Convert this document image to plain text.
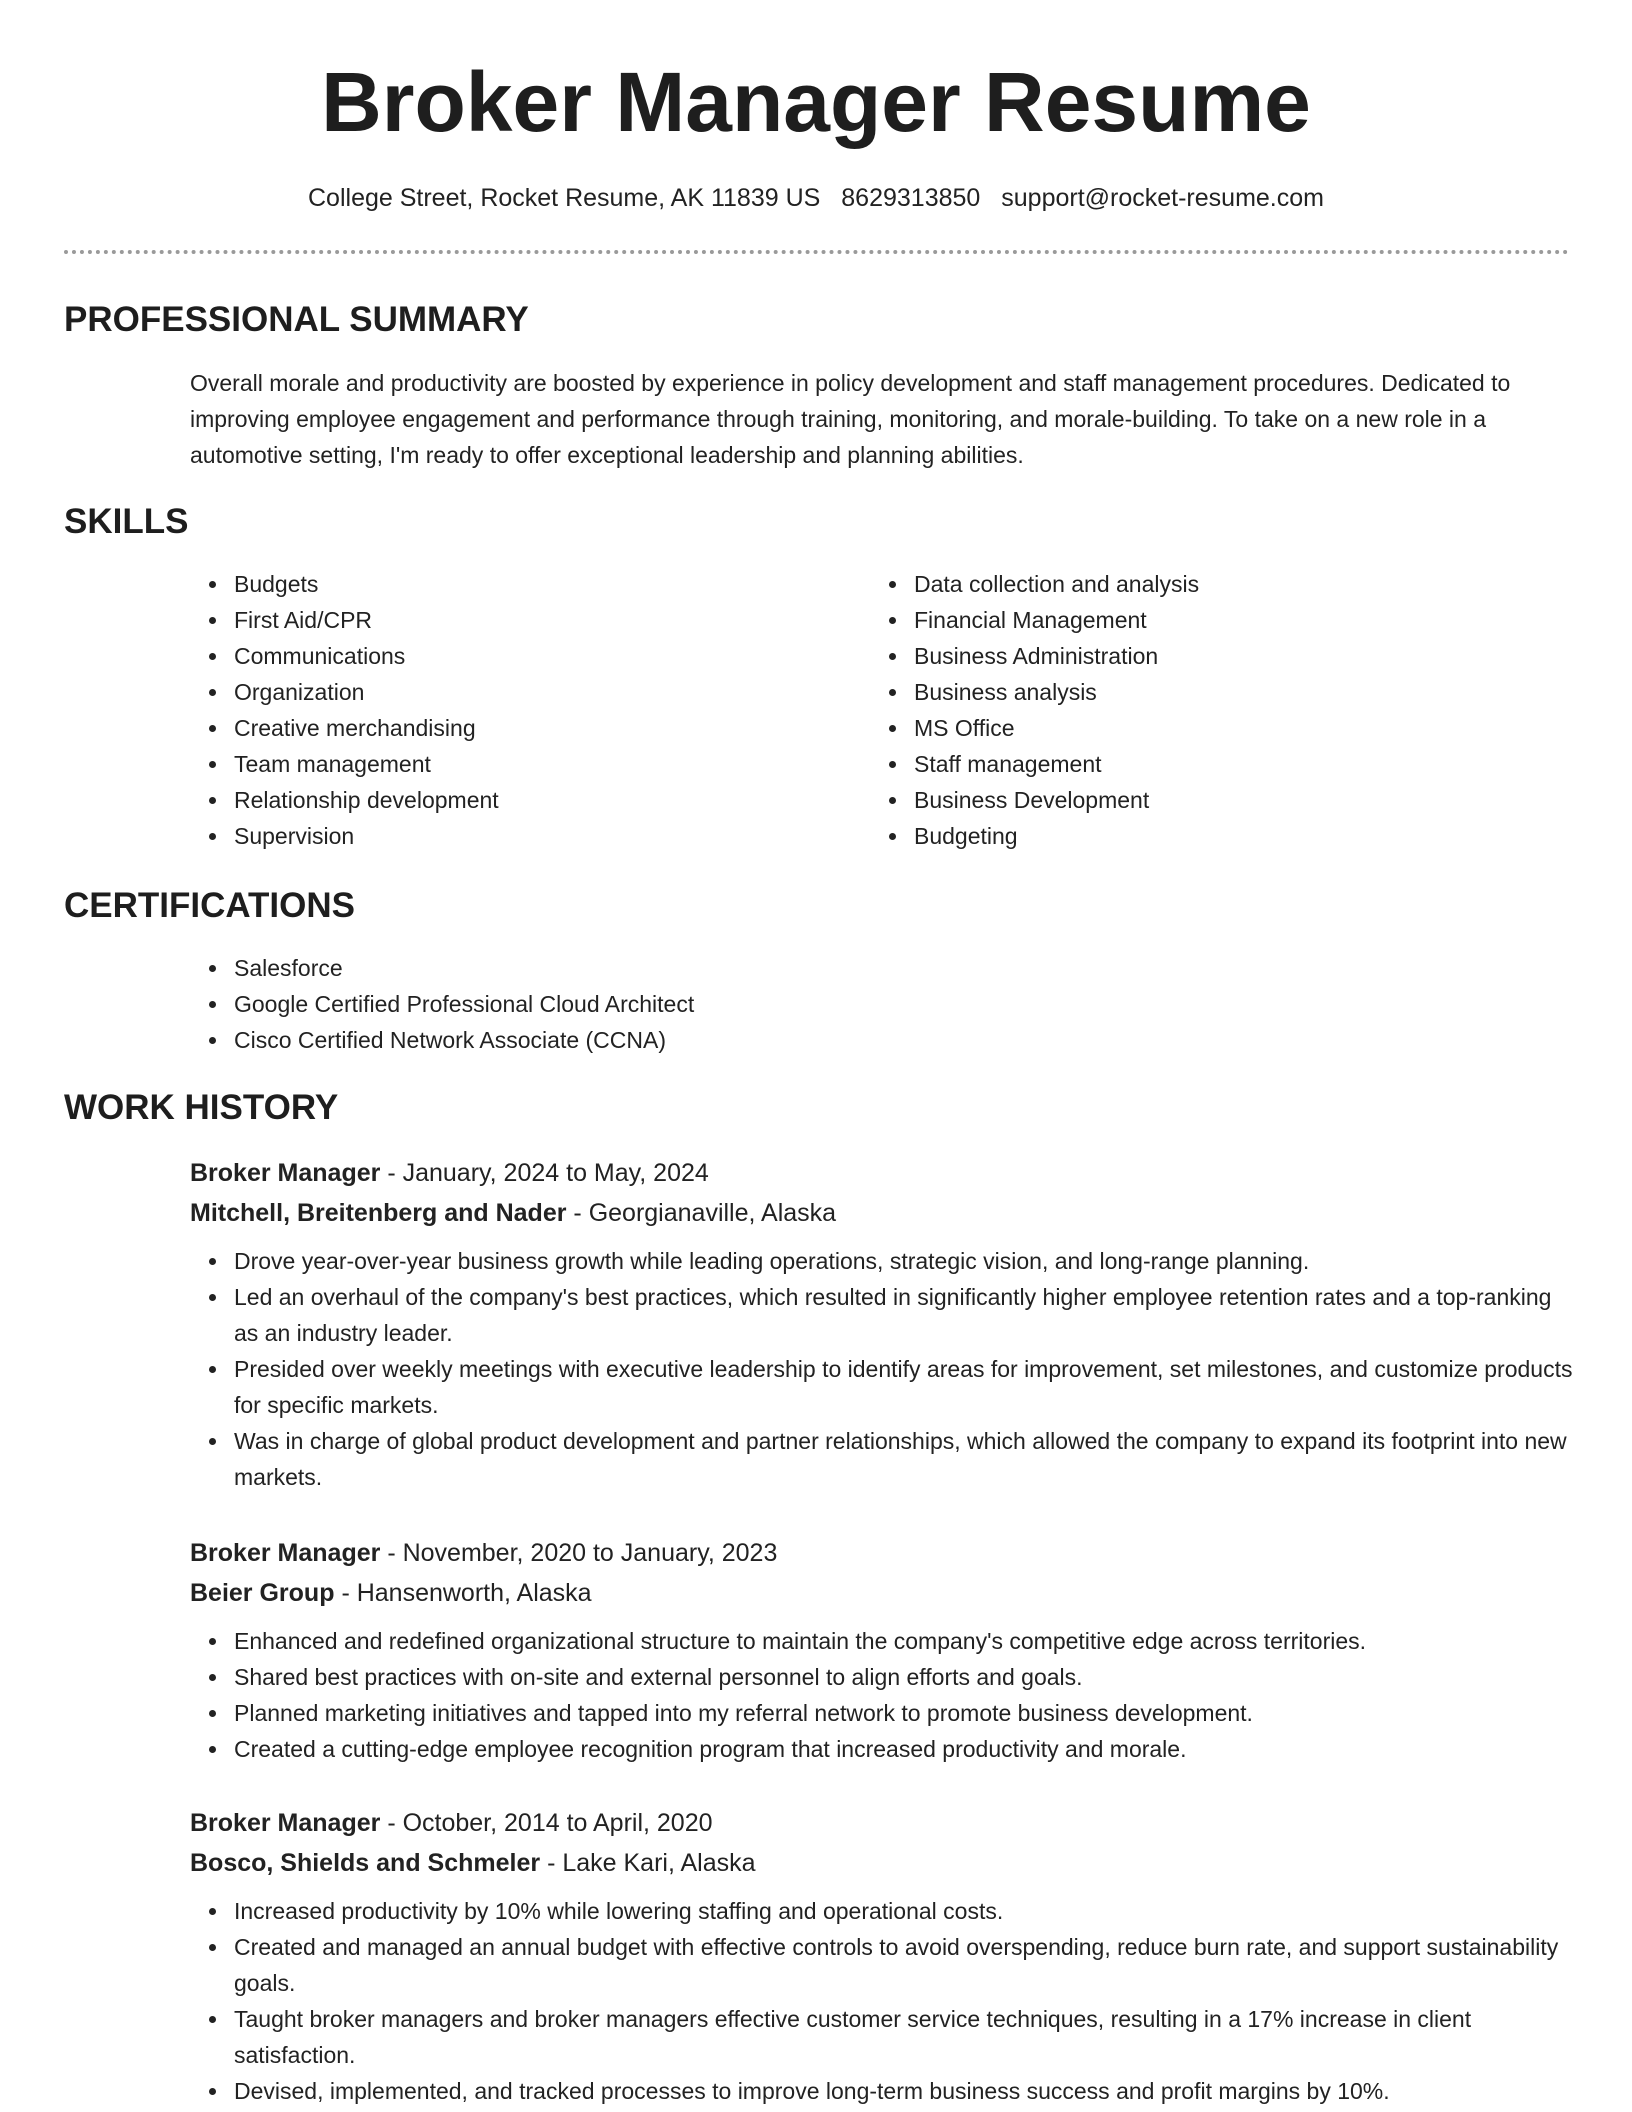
Broker Manager Resume
College Street, Rocket Resume, AK 11839 US 8629313850 support@rocket-resume.com
PROFESSIONAL SUMMARY

Overall morale and productivity are boosted by experience in policy development and staff management procedures. Dedicated to improving employee engagement and performance through training, monitoring, and morale-building. To take on a new role in a automotive setting, I'm ready to offer exceptional leadership and planning abilities.

SKILLS
Budgets
First Aid/CPR
Communications
Organization
Creative merchandising
Team management
Relationship development
Supervision
Data collection and analysis
Financial Management
Business Administration
Business analysis
MS Office
Staff management
Business Development
Budgeting
CERTIFICATIONS
Salesforce
Google Certified Professional Cloud Architect
Cisco Certified Network Associate (CCNA)
WORK HISTORY
Broker Manager - January, 2024 to May, 2024
Mitchell, Breitenberg and Nader - Georgianaville, Alaska
Drove year-over-year business growth while leading operations, strategic vision, and long-range planning.
Led an overhaul of the company's best practices, which resulted in significantly higher employee retention rates and a top-ranking as an industry leader.
Presided over weekly meetings with executive leadership to identify areas for improvement, set milestones, and customize products for specific markets.
Was in charge of global product development and partner relationships, which allowed the company to expand its footprint into new markets.
Broker Manager - November, 2020 to January, 2023
Beier Group - Hansenworth, Alaska
Enhanced and redefined organizational structure to maintain the company's competitive edge across territories.
Shared best practices with on-site and external personnel to align efforts and goals.
Planned marketing initiatives and tapped into my referral network to promote business development.
Created a cutting-edge employee recognition program that increased productivity and morale.
Broker Manager - October, 2014 to April, 2020
Bosco, Shields and Schmeler - Lake Kari, Alaska
Increased productivity by 10% while lowering staffing and operational costs.
Created and managed an annual budget with effective controls to avoid overspending, reduce burn rate, and support sustainability goals.
Taught broker managers and broker managers effective customer service techniques, resulting in a 17% increase in client satisfaction.
Devised, implemented, and tracked processes to improve long-term business success and profit margins by 10%.
